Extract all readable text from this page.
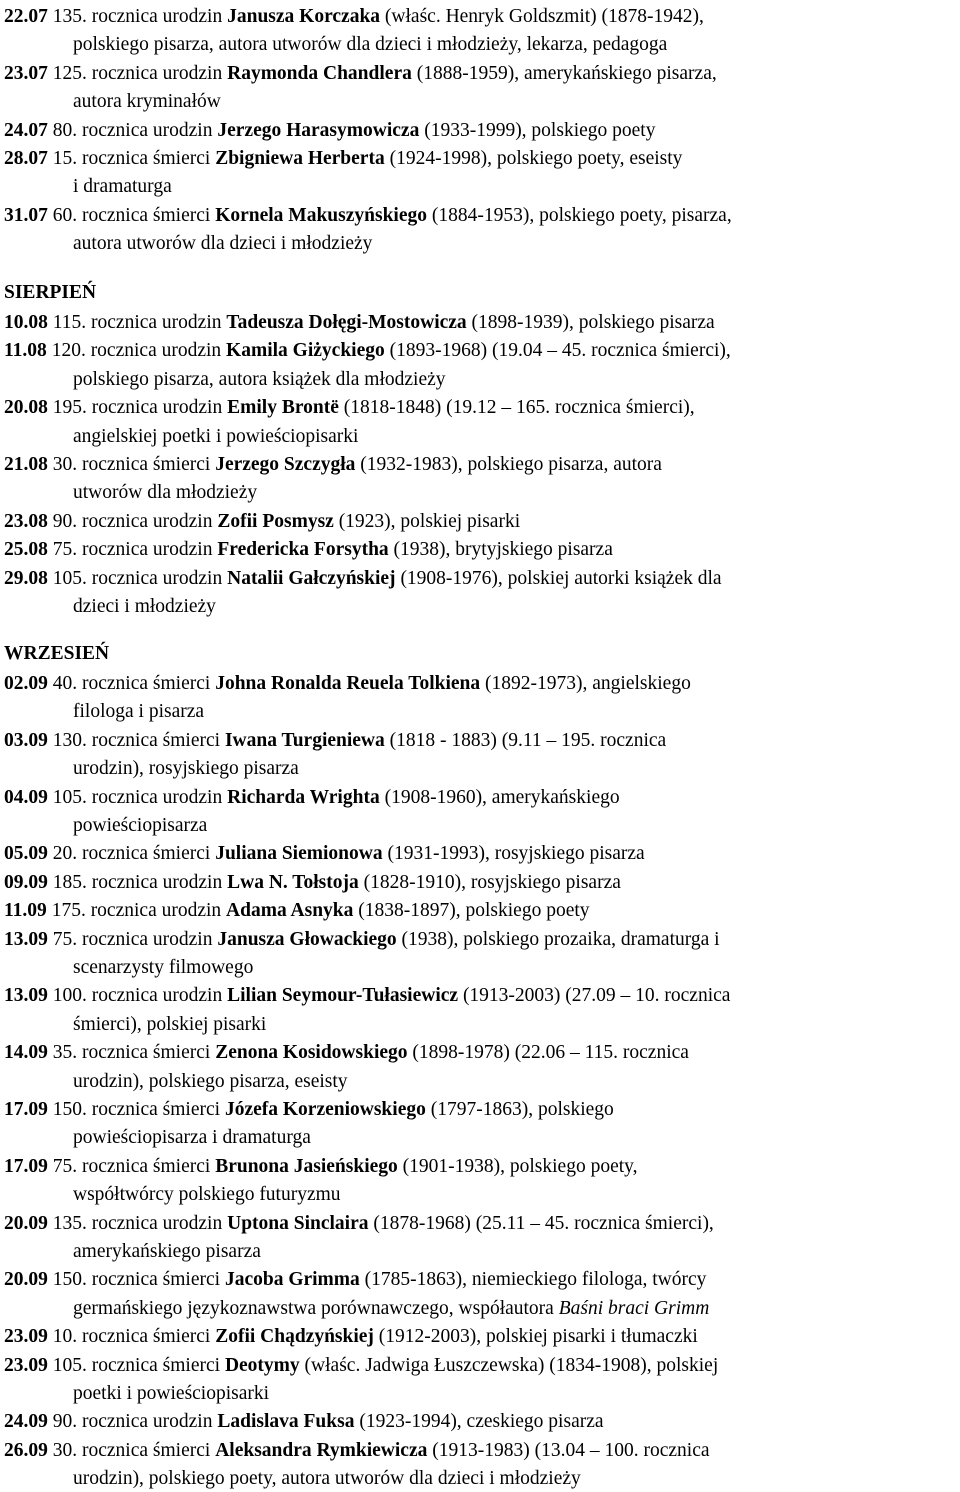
SIERPIEŃ
WRZESIEŃ
22.07 135. rocznica urodzin Janusza Korczaka (właśc. Henryk Goldszmit) (1878-1942),
polskiego pisarza, autora utworów dla dzieci i młodzieży, lekarza, pedagoga
23.07 125. rocznica urodzin Raymonda Chandlera (1888-1959), amerykańskiego pisarza,
autora kryminałów
24.07 80. rocznica urodzin Jerzego Harasymowicza (1933-1999), polskiego poety
28.07 15. rocznica śmierci Zbigniewa Herberta (1924-1998), polskiego poety, eseisty
i dramaturga
31.07 60. rocznica śmierci Kornela Makuszyńskiego (1884-1953), polskiego poety, pisarza,
autora utworów dla dzieci i młodzieży
10.08 115. rocznica urodzin Tadeusza Dołęgi-Mostowicza (1898-1939), polskiego pisarza
11.08 120. rocznica urodzin Kamila Giżyckiego (1893-1968) (19.04 – 45. rocznica śmierci),
polskiego pisarza, autora książek dla młodzieży
20.08 195. rocznica urodzin Emily Brontë (1818-1848) (19.12 – 165. rocznica śmierci),
angielskiej poetki i powieściopisarki
21.08 30. rocznica śmierci Jerzego Szczygła (1932-1983), polskiego pisarza, autora
utworów dla młodzieży
23.08 90. rocznica urodzin Zofii Posmysz (1923), polskiej pisarki
25.08 75. rocznica urodzin Fredericka Forsytha (1938), brytyjskiego pisarza
29.08 105. rocznica urodzin Natalii Gałczyńskiej (1908-1976), polskiej autorki książek dla
dzieci i młodzieży
02.09 40. rocznica śmierci Johna Ronalda Reuela Tolkiena (1892-1973), angielskiego
filologa i pisarza
03.09 130. rocznica śmierci Iwana Turgieniewa (1818 - 1883) (9.11 – 195. rocznica
urodzin), rosyjskiego pisarza
04.09 105. rocznica urodzin Richarda Wrighta (1908-1960), amerykańskiego
powieściopisarza
05.09 20. rocznica śmierci Juliana Siemionowa (1931-1993), rosyjskiego pisarza
09.09 185. rocznica urodzin Lwa N. Tołstoja (1828-1910), rosyjskiego pisarza
11.09 175. rocznica urodzin Adama Asnyka (1838-1897), polskiego poety
13.09 75. rocznica urodzin Janusza Głowackiego (1938), polskiego prozaika, dramaturga i
scenarzysty filmowego
13.09 100. rocznica urodzin Lilian Seymour-Tułasiewicz (1913-2003) (27.09 – 10. rocznica
śmierci), polskiej pisarki
14.09 35. rocznica śmierci Zenona Kosidowskiego (1898-1978) (22.06 – 115. rocznica
urodzin), polskiego pisarza, eseisty
17.09 150. rocznica śmierci Józefa Korzeniowskiego (1797-1863), polskiego
powieściopisarza i dramaturga
17.09 75. rocznica śmierci Brunona Jasieńskiego (1901-1938), polskiego poety,
współtwórcy polskiego futuryzmu
20.09 135. rocznica urodzin Uptona Sinclaira (1878-1968) (25.11 – 45. rocznica śmierci),
amerykańskiego pisarza
20.09 150. rocznica śmierci Jacoba Grimma (1785-1863), niemieckiego filologa, twórcy
germańskiego językoznawstwa porównawczego, współautora Baśni braci Grimm
23.09 10. rocznica śmierci Zofii Chądzyńskiej (1912-2003), polskiej pisarki i tłumaczki
23.09 105. rocznica śmierci Deotymy (właśc. Jadwiga Łuszczewska) (1834-1908), polskiej
poetki i powieściopisarki
24.09 90. rocznica urodzin Ladislava Fuksa (1923-1994), czeskiego pisarza
26.09 30. rocznica śmierci Aleksandra Rymkiewicza (1913-1983) (13.04 – 100. rocznica
urodzin), polskiego poety, autora utworów dla dzieci i młodzieży
